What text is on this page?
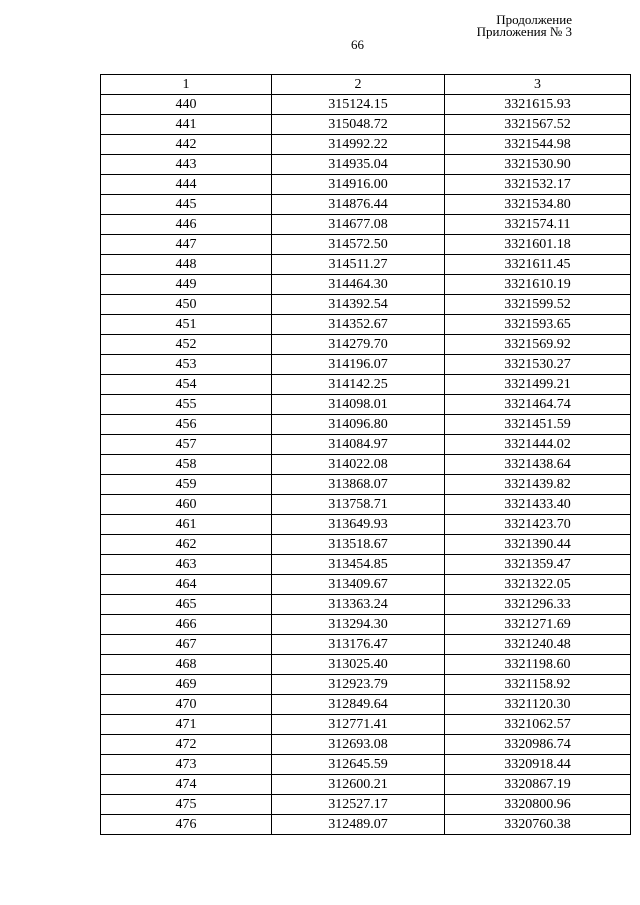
Продолжение
Приложения № 3
66
1	2	3
440	315124.15	3321615.93
441	315048.72	3321567.52
442	314992.22	3321544.98
443	314935.04	3321530.90
444	314916.00	3321532.17
445	314876.44	3321534.80
446	314677.08	3321574.11
447	314572.50	3321601.18
448	314511.27	3321611.45
449	314464.30	3321610.19
450	314392.54	3321599.52
451	314352.67	3321593.65
452	314279.70	3321569.92
453	314196.07	3321530.27
454	314142.25	3321499.21
455	314098.01	3321464.74
456	314096.80	3321451.59
457	314084.97	3321444.02
458	314022.08	3321438.64
459	313868.07	3321439.82
460	313758.71	3321433.40
461	313649.93	3321423.70
462	313518.67	3321390.44
463	313454.85	3321359.47
464	313409.67	3321322.05
465	313363.24	3321296.33
466	313294.30	3321271.69
467	313176.47	3321240.48
468	313025.40	3321198.60
469	312923.79	3321158.92
470	312849.64	3321120.30
471	312771.41	3321062.57
472	312693.08	3320986.74
473	312645.59	3320918.44
474	312600.21	3320867.19
475	312527.17	3320800.96
476	312489.07	3320760.38
